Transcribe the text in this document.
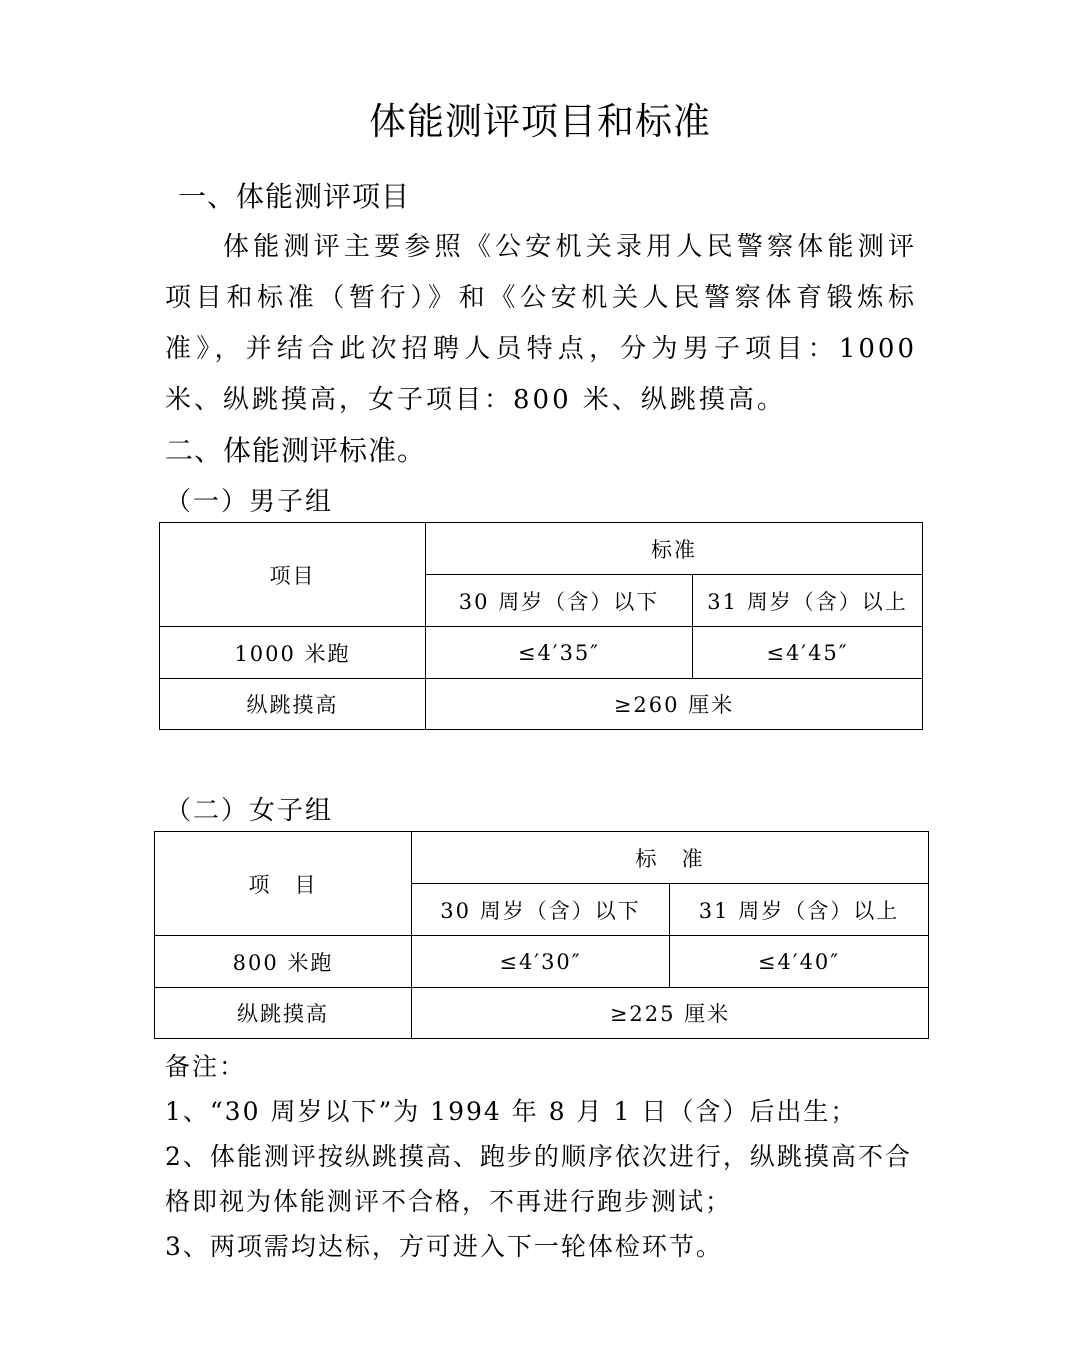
体能测评项目和标准
一、体能测评项目

体能测评主要参照《公安机关录用人民警察体能测评项目和标准（暂行）》和《公安机关人民警察体育锻炼标准》，并结合此次招聘人员特点，分为男子项目：1000 米、纵跳摸高，女子项目：800 米、纵跳摸高。

二、体能测评标准。
（一）男子组
项目	标准	
	30 周岁（含）以下	31 周岁（含）以上
1000 米跑	≤4′35″	≤4′45″
纵跳摸高	≥260 厘米	
（二）女子组
项　目	标　准	
	30 周岁（含）以下	31 周岁（含）以上
800 米跑	≤4′30″	≤4′40″
纵跳摸高	≥225 厘米	

备注：

1、“30 周岁以下”为 1994 年 8 月 1 日（含）后出生；

2、体能测评按纵跳摸高、跑步的顺序依次进行，纵跳摸高不合格即视为体能测评不合格，不再进行跑步测试；

3、两项需均达标，方可进入下一轮体检环节。
